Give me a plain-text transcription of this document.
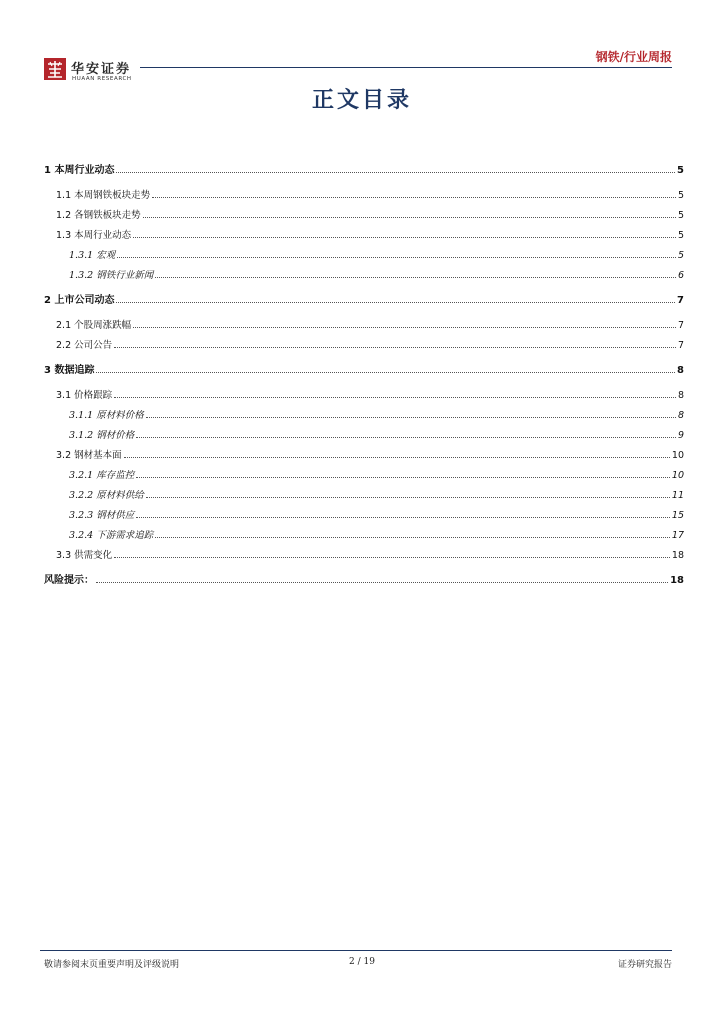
华安证券
HUAAN RESEARCH
钢铁/行业周报
正文目录
1 本周行业动态	5
1.1 本周钢铁板块走势	5
1.2 各钢铁板块走势	5
1.3 本周行业动态	5
1.3.1 宏观	5
1.3.2 钢铁行业新闻	6
2 上市公司动态	7
2.1 个股周涨跌幅	7
2.2 公司公告	7
3 数据追踪	8
3.1 价格跟踪	8
3.1.1 原材料价格	8
3.1.2 钢材价格	9
3.2 钢材基本面	10
3.2.1 库存监控	10
3.2.2 原材料供给	11
3.2.3 钢材供应	15
3.2.4 下游需求追踪	17
3.3 供需变化	18
风险提示：	18
敬请参阅末页重要声明及评级说明	2 / 19	证券研究报告
